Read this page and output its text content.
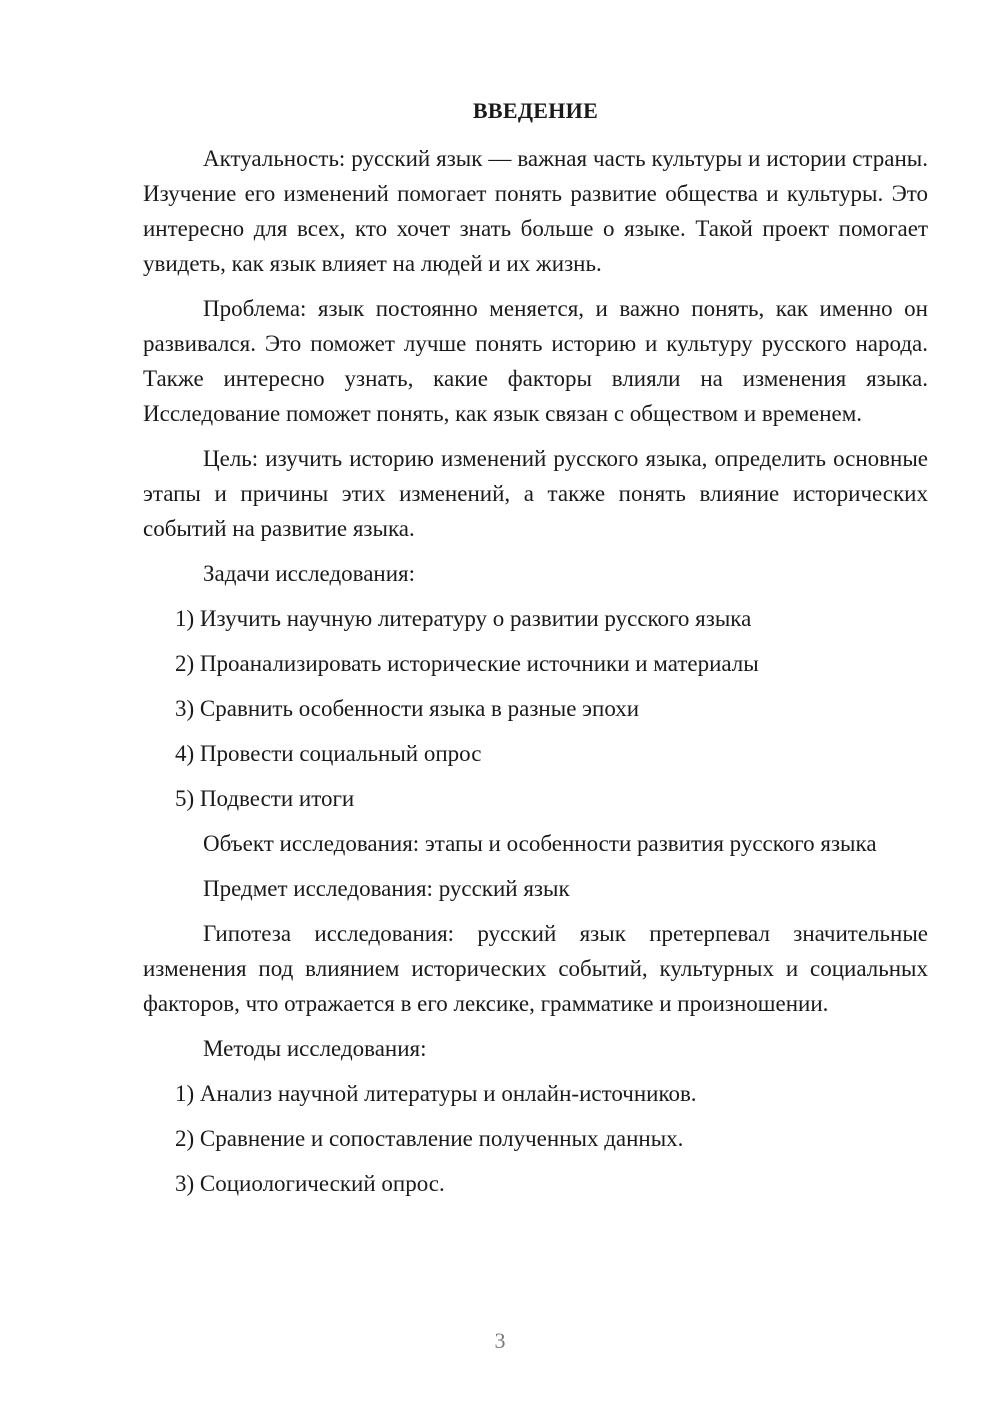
ВВЕДЕНИЕ

Актуальность: русский язык — важная часть культуры и истории страны. Изучение его изменений помогает понять развитие общества и культуры. Это интересно для всех, кто хочет знать больше о языке. Такой проект помогает увидеть, как язык влияет на людей и их жизнь.

Проблема: язык постоянно меняется, и важно понять, как именно он развивался. Это поможет лучше понять историю и культуру русского народа. Также интересно узнать, какие факторы влияли на изменения языка. Исследование поможет понять, как язык связан с обществом и временем.

Цель: изучить историю изменений русского языка, определить основные этапы и причины этих изменений, а также понять влияние исторических событий на развитие языка.

Задачи исследования:

1) Изучить научную литературу о развитии русского языка
2) Проанализировать исторические источники и материалы
3) Сравнить особенности языка в разные эпохи
4) Провести социальный опрос
5) Подвести итоги

Объект исследования: этапы и особенности развития русского языка

Предмет исследования: русский язык

Гипотеза исследования: русский язык претерпевал значительные изменения под влиянием исторических событий, культурных и социальных факторов, что отражается в его лексике, грамматике и произношении.

Методы исследования:

1) Анализ научной литературы и онлайн-источников.
2) Сравнение и сопоставление полученных данных.
3) Социологический опрос.
3
